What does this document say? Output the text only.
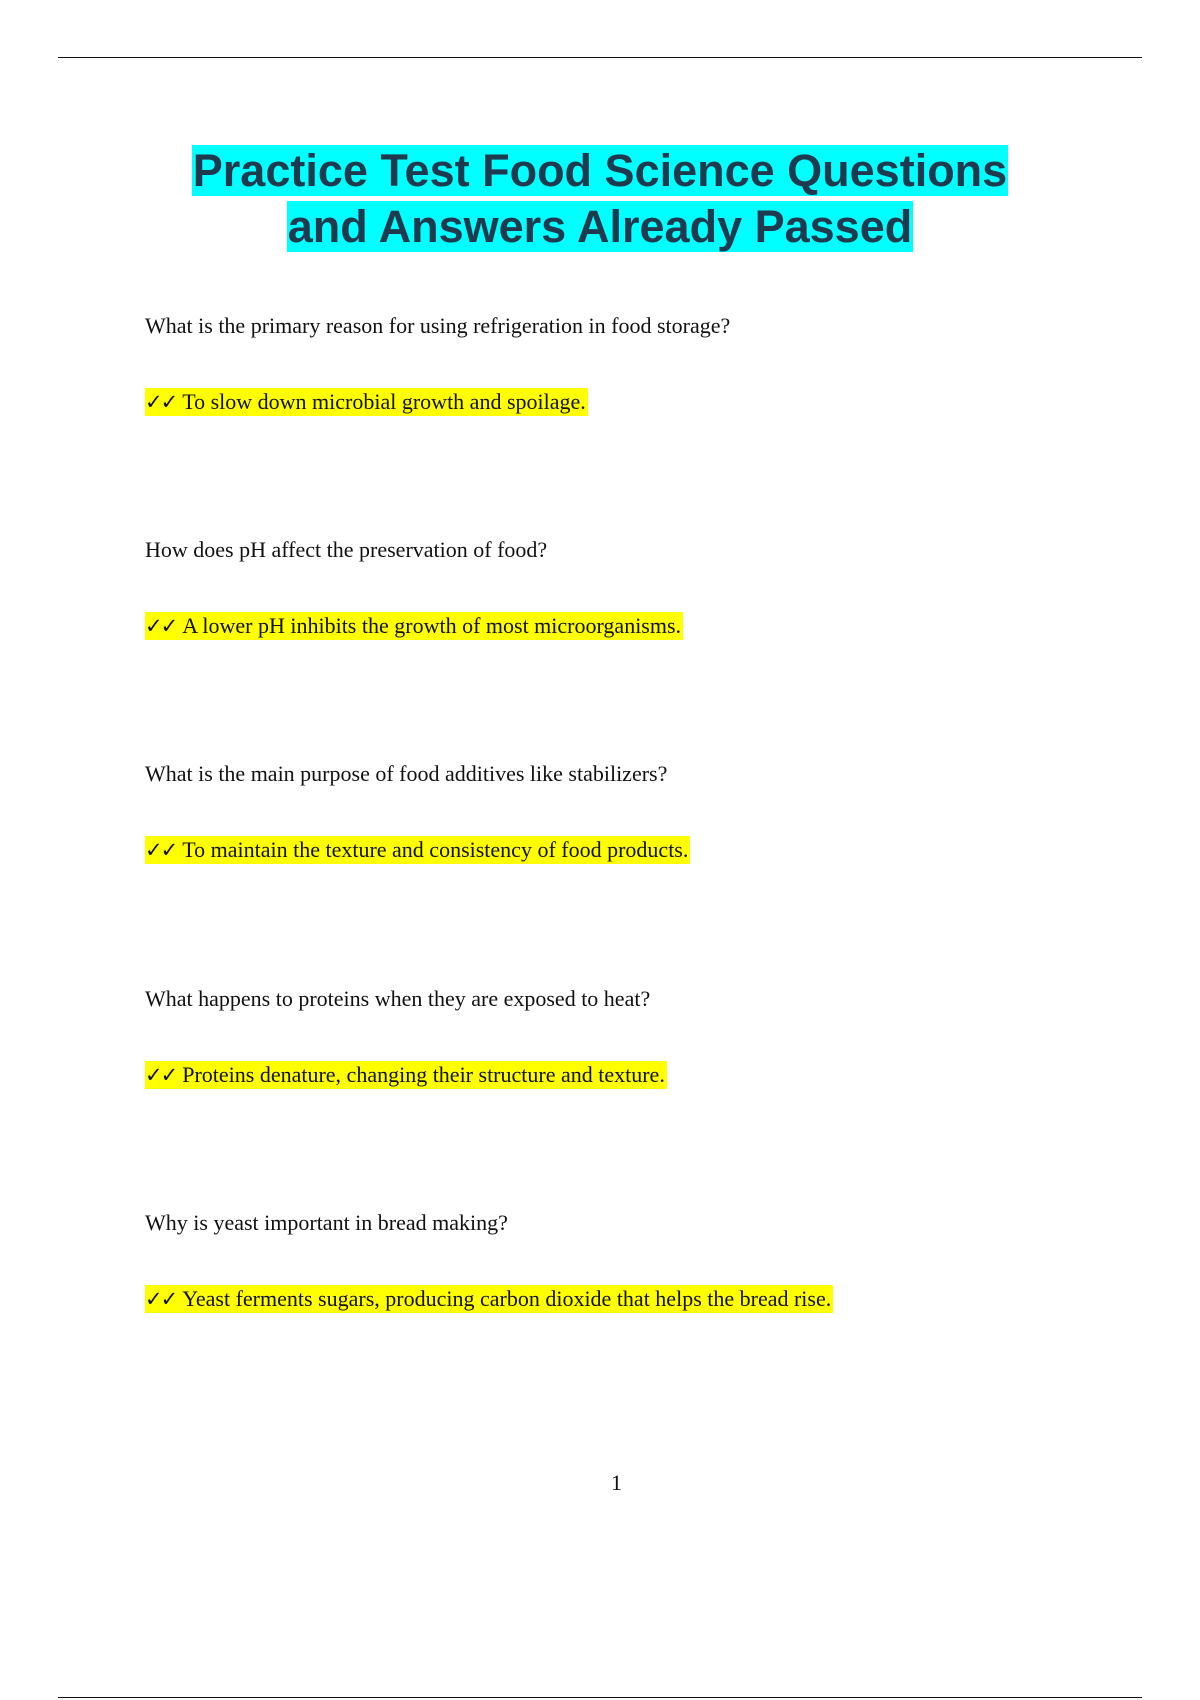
Practice Test Food Science Questions
and Answers Already Passed
What is the primary reason for using refrigeration in food storage?
✓✓ To slow down microbial growth and spoilage.
How does pH affect the preservation of food?
✓✓ A lower pH inhibits the growth of most microorganisms.
What is the main purpose of food additives like stabilizers?
✓✓ To maintain the texture and consistency of food products.
What happens to proteins when they are exposed to heat?
✓✓ Proteins denature, changing their structure and texture.
Why is yeast important in bread making?
✓✓ Yeast ferments sugars, producing carbon dioxide that helps the bread rise.
1
